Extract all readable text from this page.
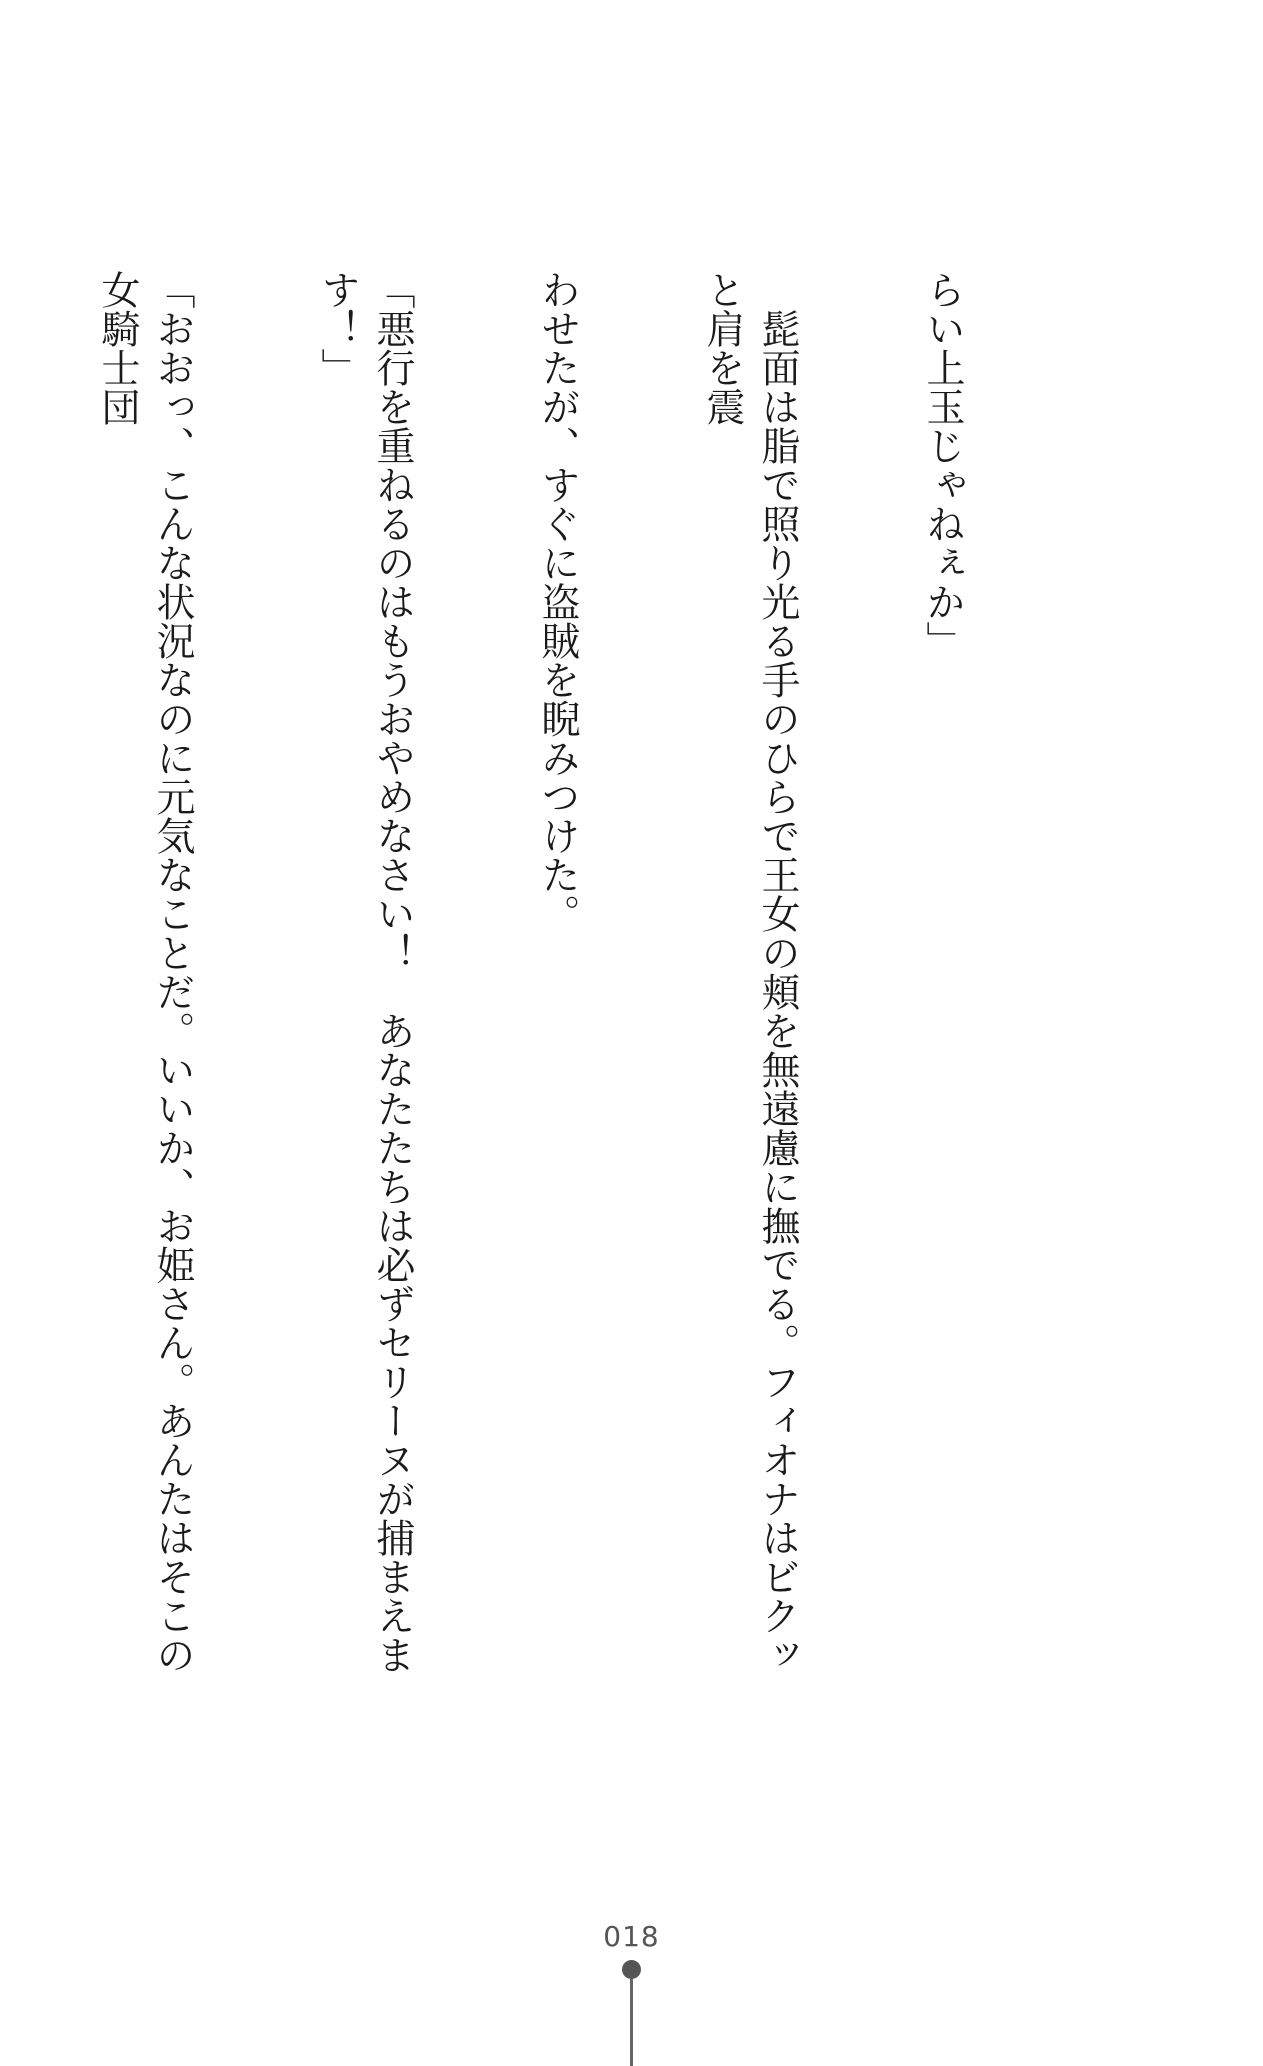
らい上玉じゃねぇか」

　髭面は脂で照り光る手のひらで王女の頬を無遠慮に撫でる。フィオナはビクッと肩を震

わせたが、すぐに盗賊を睨みつけた。

「悪行を重ねるのはもうおやめなさい！　あなたたちは必ずセリーヌが捕まえます！」

「おおっ、こんな状況なのに元気なことだ。いいか、お姫さん。あんたはそこの女騎士団

018
